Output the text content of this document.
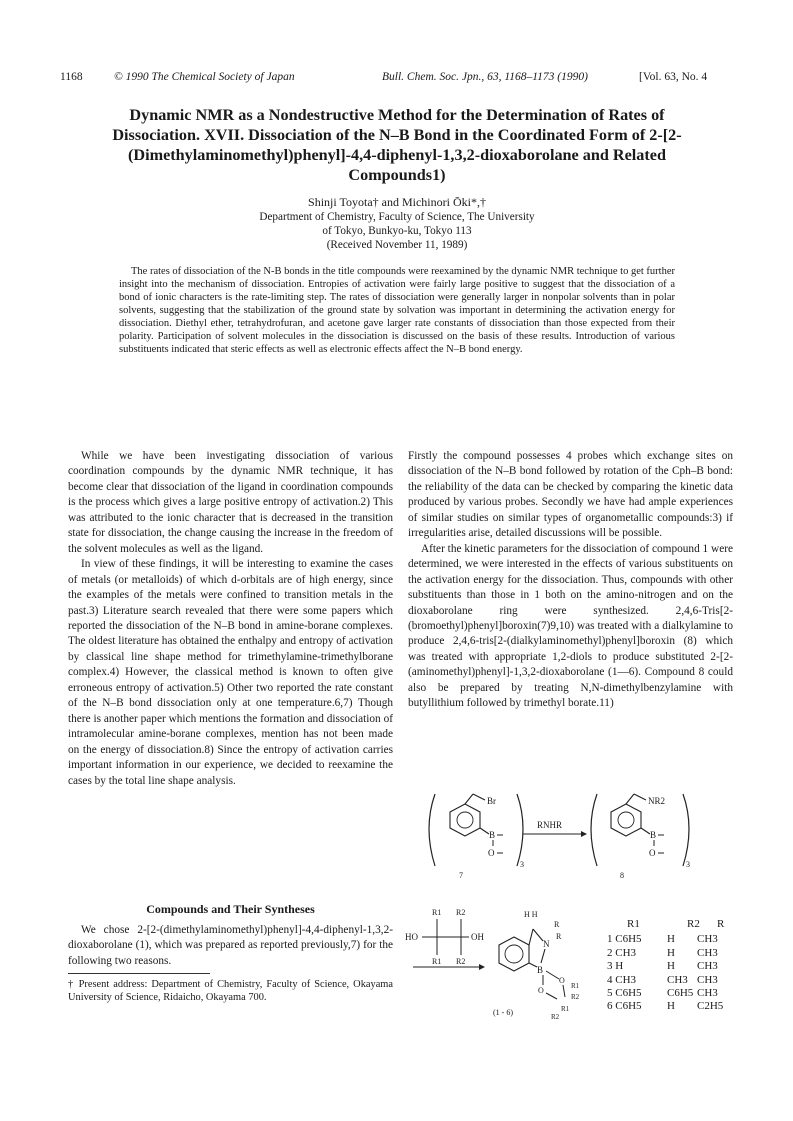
1168	© 1990 The Chemical Society of Japan	Bull. Chem. Soc. Jpn., 63, 1168–1173 (1990)	[Vol. 63, No. 4
Dynamic NMR as a Nondestructive Method for the Determination of Rates of Dissociation. XVII. Dissociation of the N–B Bond in the Coordinated Form of 2-[2-(Dimethylaminomethyl)phenyl]-4,4-diphenyl-1,3,2-dioxaborolane and Related Compounds1)
Shinji Toyota† and Michinori Ōki*,†
Department of Chemistry, Faculty of Science, The University
of Tokyo, Bunkyo-ku, Tokyo 113
(Received November 11, 1989)
The rates of dissociation of the N-B bonds in the title compounds were reexamined by the dynamic NMR technique to get further insight into the mechanism of dissociation. Entropies of activation were fairly large positive to suggest that the dissociation of a bond of ionic characters is the rate-limiting step. The rates of dissociation were generally larger in nonpolar solvents than in polar solvents, suggesting that the stabilization of the ground state by solvation was important in determining the activation energy for dissociation. Diethyl ether, tetrahydrofuran, and acetone gave larger rate constants of dissociation than those expected from their polarity. Participation of solvent molecules in the dissociation is discussed on the basis of these results. Introduction of various substituents indicated that steric effects as well as electronic effects affect the N–B bond energy.

While we have been investigating dissociation of various coordination compounds by the dynamic NMR technique, it has become clear that dissociation of the ligand in coordination compounds is the process which gives a large positive entropy of activation.2) This was attributed to the ionic character that is decreased in the transition state for dissociation, the change causing the increase in the freedom of the solvent molecules as well as the ligand.

In view of these findings, it will be interesting to examine the cases of metals (or metalloids) of which d-orbitals are of high energy, since the examples of the metals were confined to transition metals in the past.3) Literature search revealed that there were some papers which reported the dissociation of the N–B bond in amine-borane complexes. The oldest literature has obtained the enthalpy and entropy of activation by classical line shape method for trimethylamine-trimethylborane complex.4) However, the classical method is known to often give erroneous entropy of activation.5) Other two reported the rate constant of the N–B bond dissociation only at one temperature.6,7) Though there is another paper which mentions the formation and dissociation of intramolecular amine-borane complexes, mention has not been made on the energy of dissociation.8) Since the entropy of activation carries important information in our experience, we decided to reexamine the cases by the total line shape analysis.

Compounds and Their Syntheses
We chose 2-[2-(dimethylaminomethyl)phenyl]-4,4-diphenyl-1,3,2-dioxaborolane (1), which was prepared as reported previously,7) for the following two reasons.
† Present address: Department of Chemistry, Faculty of Science, Okayama University of Science, Ridaicho, Okayama 700.

Firstly the compound possesses 4 probes which exchange sites on dissociation of the N–B bond followed by rotation of the Cph–B bond: the reliability of the data can be checked by comparing the kinetic data produced by various probes. Secondly we have had ample experiences of similar studies on similar types of organometallic compounds:3) if irregularities arise, detailed discussions will be possible.

After the kinetic parameters for the dissociation of compound 1 were determined, we were interested in the effects of various substituents on the activation energy for the dissociation. Thus, compounds with other substituents than those in 1 both on the amino-nitrogen and on the dioxaborolane ring were synthesized. 2,4,6-Tris[2-(bromoethyl)phenyl]boroxin(7)9,10) was treated with a dialkylamine to produce 2,4,6-tris[2-(dialkylaminomethyl)phenyl]boroxin (8) which was treated with appropriate 1,2-diols to produce substituted 2-[2-(aminomethyl)phenyl]-1,3,2-dioxaborolane (1—6). Compound 8 could also be prepared by treating N,N-dimethylbenzylamine with butyllithium followed by trimethyl borate.11)

Br
B
O
3
7
RNHR
NR2
B
O
3
8
R1 R2
HO	OH
R1 R2
H H
N
R
R
B
O
O	R1
R2
R1
R2
(1 - 6)
R1	R2	R
1 C6H5	H	CH3
2 CH3	H	CH3
3 H	H	CH3
4 CH3	CH3 CH3
5 C6H5	C6H5 CH3
6 C6H5	H	C2H5
